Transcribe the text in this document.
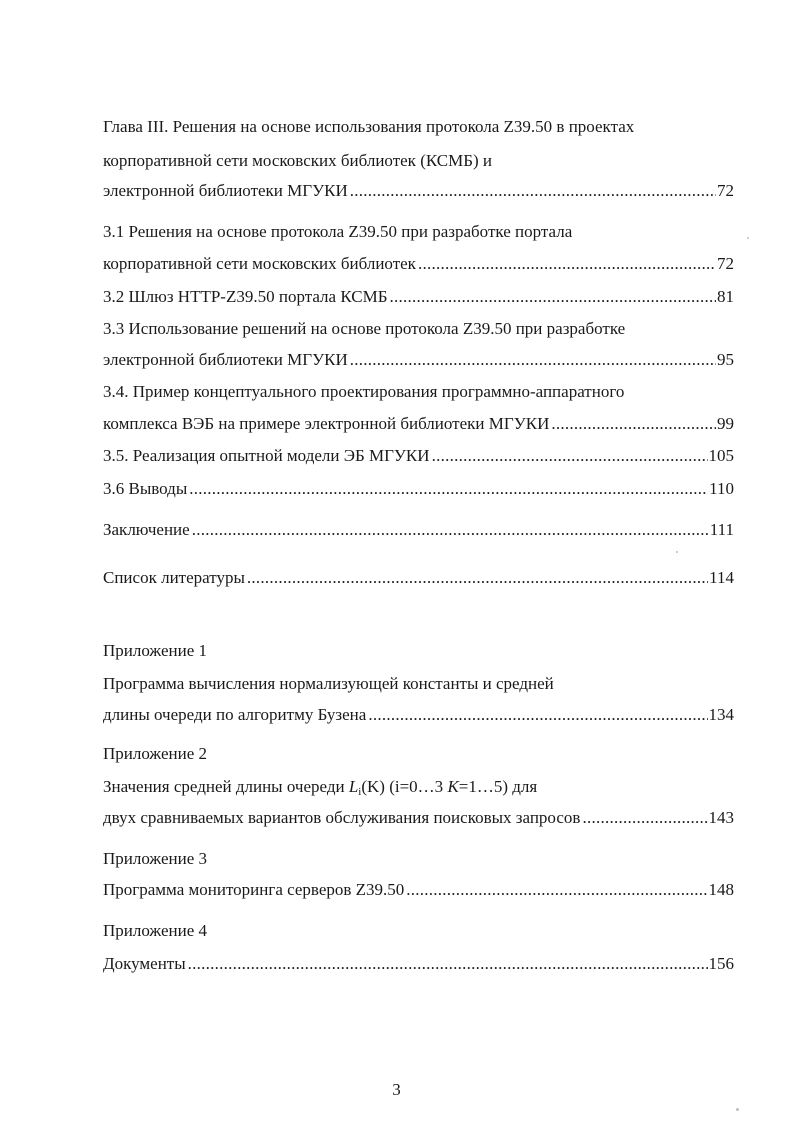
Глава III. Решения на основе использования протокола Z39.50 в проектах
корпоративной сети московских библиотек (КСМБ) и
электронной библиотеки МГУКИ . . .	72
3.1 Решения на основе протокола Z39.50 при разработке портала
корпоративной сети московских библиотек . . .	72
3.2 Шлюз HTTP-Z39.50 портала КСМБ . . .	81
3.3 Использование решений на основе протокола Z39.50 при разработке
электронной библиотеки МГУКИ . . .	95
3.4. Пример концептуального проектирования программно-аппаратного
комплекса ВЭБ на примере электронной библиотеки МГУКИ . . .	99
3.5. Реализация опытной модели ЭБ МГУКИ . . .	105
3.6 Выводы . . .	110
Заключение . . .	111
Список литературы . . .	114
Приложение 1
Программа вычисления нормализующей константы и средней
длины очереди по алгоритму Бузена . . .	134
Приложение 2
Значения средней длины очереди $L_i(K)$ (i=0…3 K=1…5) для
двух сравниваемых вариантов обслуживания поисковых запросов . . .	143
Приложение 3
Программа мониторинга серверов Z39.50 . . .	148
Приложение 4
Документы . . .	156
3
